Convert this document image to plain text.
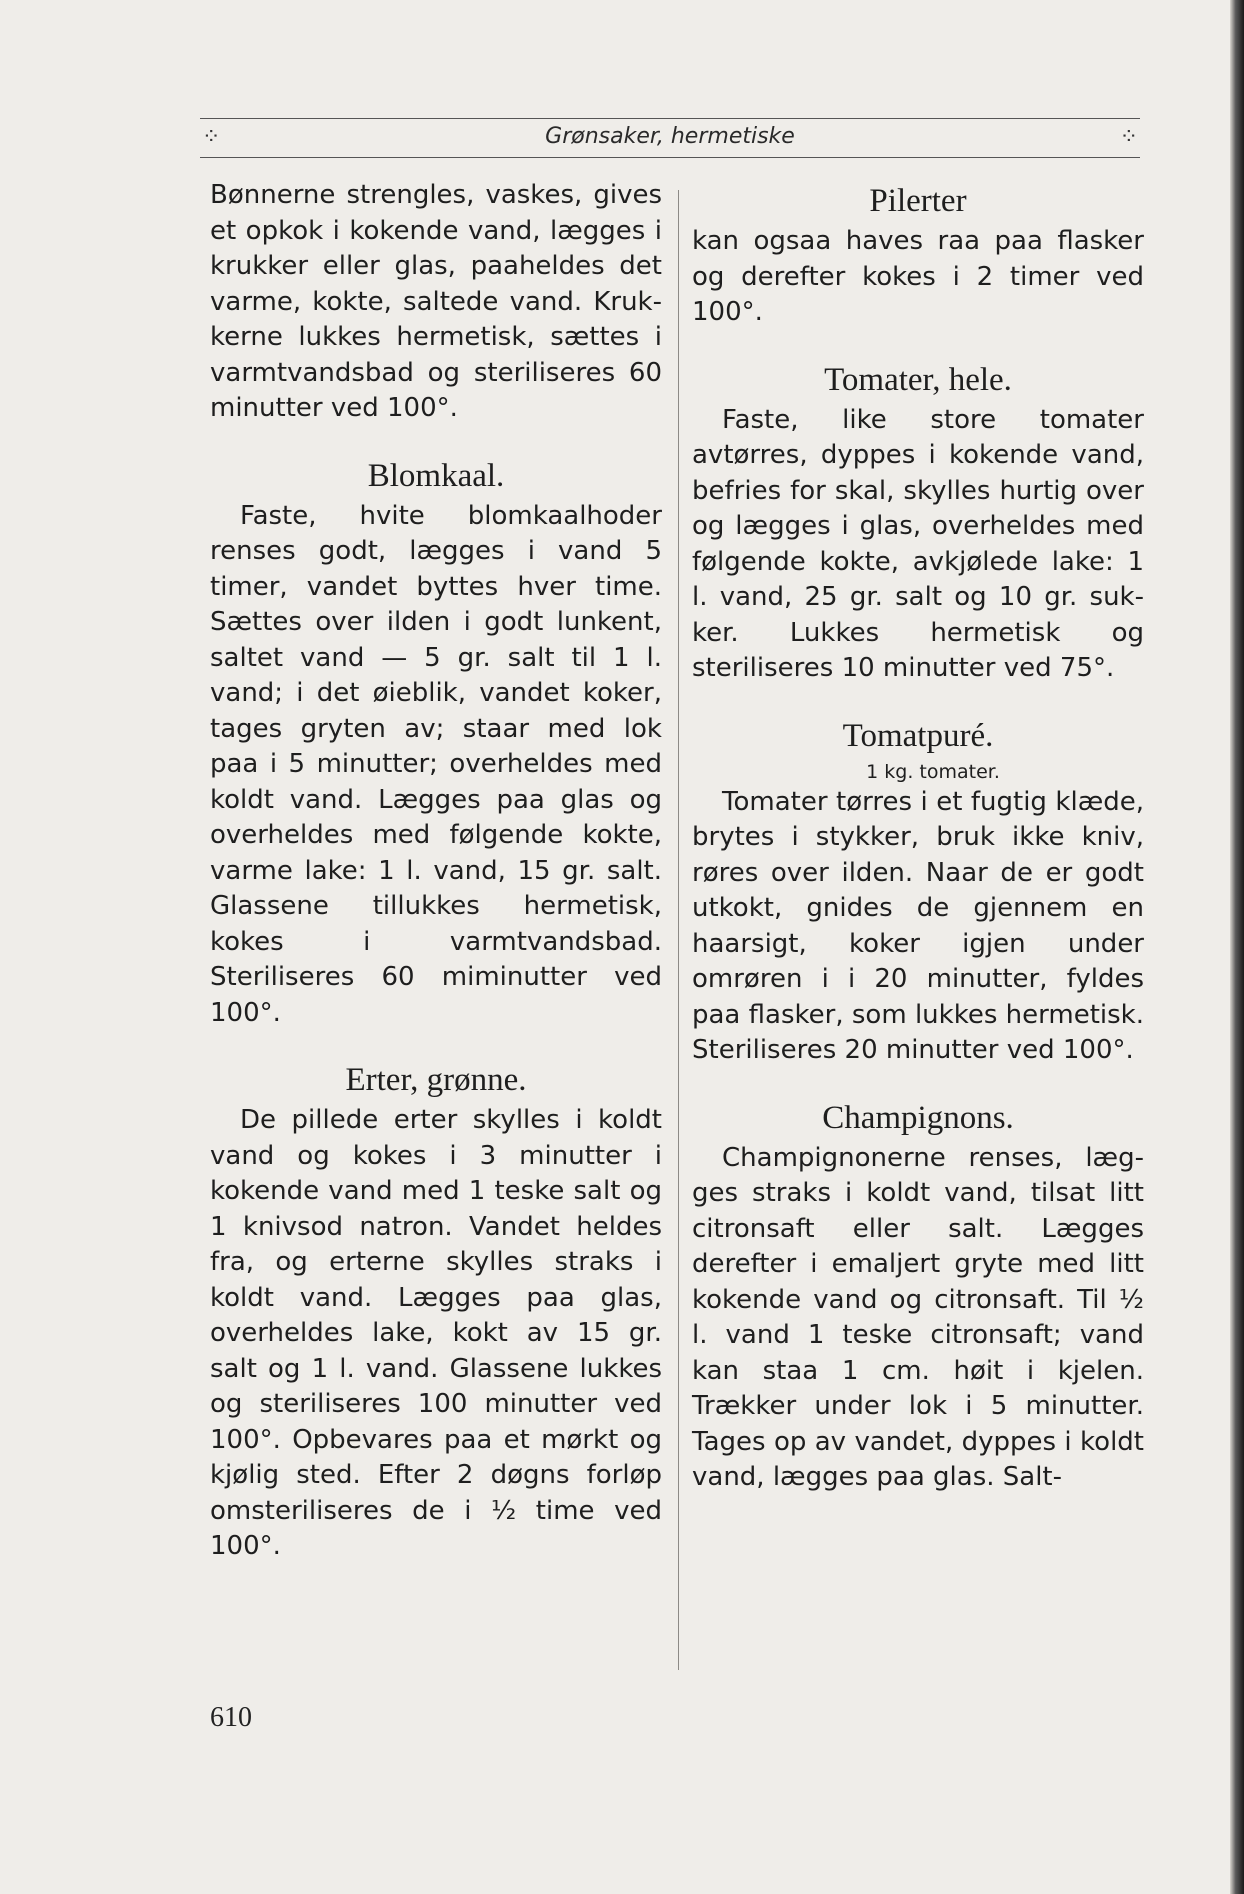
⁘	Grønsaker, hermetiske	⁘

Bønnerne strengles, vaskes, gives et opkok i kokende vand, lægges i krukker eller glas, paaheldes det varme, kokte, saltede vand. Krukkerne lukkes hermetisk, sættes i varmtvandsbad og steriliseres 60 minutter ved 100°.

Blomkaal.

Faste, hvite blomkaalhoder renses godt, lægges i vand 5 timer, vandet byttes hver time. Sættes over ilden i godt lunkent, saltet vand — 5 gr. salt til 1 l. vand; i det øieblik, vandet koker, tages gryten av; staar med lok paa i 5 minutter; overheldes med koldt vand. Lægges paa glas og overheldes med følgende kokte, varme lake: 1 l. vand, 15 gr. salt. Glassene tillukkes hermetisk, kokes i varmtvandsbad. Steriliseres 60 miminutter ved 100°.

Erter, grønne.

De pillede erter skylles i koldt vand og kokes i 3 minutter i kokende vand med 1 teske salt og 1 knivsod natron. Vandet heldes fra, og erterne skylles straks i koldt vand. Lægges paa glas, overheldes lake, kokt av 15 gr. salt og 1 l. vand. Glassene lukkes og steriliseres 100 minutter ved 100°. Opbevares paa et mørkt og kjølig sted. Efter 2 døgns forløp omsteriliseres de i ½ time ved 100°.

Pilerter

kan ogsaa haves raa paa flasker og derefter kokes i 2 timer ved 100°.

Tomater, hele.

Faste, like store tomater avtørres, dyppes i kokende vand, befries for skal, skylles hurtig over og lægges i glas, overheldes med følgende kokte, avkjølede lake: 1 l. vand, 25 gr. salt og 10 gr. sukker. Lukkes hermetisk og steriliseres 10 minutter ved 75°.

Tomatpuré.

1 kg. tomater.

Tomater tørres i et fugtig klæde, brytes i stykker, bruk ikke kniv, røres over ilden. Naar de er godt utkokt, gnides de gjennem en haarsigt, koker igjen under omrøren i i 20 minutter, fyldes paa flasker, som lukkes hermetisk. Steriliseres 20 minutter ved 100°.

Champignons.

Champignonerne renses, lægges straks i koldt vand, tilsat litt citronsaft eller salt. Lægges derefter i emaljert gryte med litt kokende vand og citronsaft. Til ½ l. vand 1 teske citronsaft; vand kan staa 1 cm. høit i kjelen. Trækker under lok i 5 minutter. Tages op av vandet, dyppes i koldt vand, lægges paa glas. Salt-

610
